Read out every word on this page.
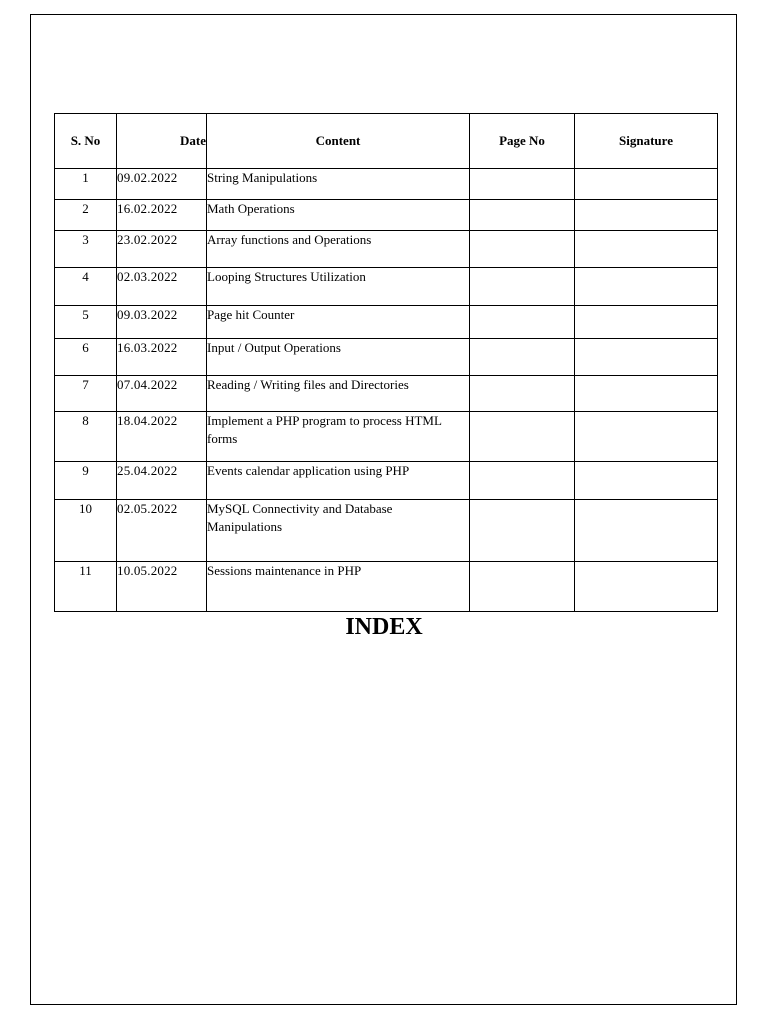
S. No	Date	Content	Page No	Signature
1	09.02.2022	String Manipulations		
2	16.02.2022	Math Operations		
3	23.02.2022	Array functions and Operations		
4	02.03.2022	Looping Structures Utilization		
5	09.03.2022	Page hit Counter		
6	16.03.2022	Input / Output Operations		
7	07.04.2022	Reading / Writing files and Directories		
8	18.04.2022	Implement a PHP program to process HTML forms		
9	25.04.2022	Events calendar application using PHP		
10	02.05.2022	MySQL Connectivity and Database Manipulations		
11	10.05.2022	Sessions maintenance in PHP		
INDEX
